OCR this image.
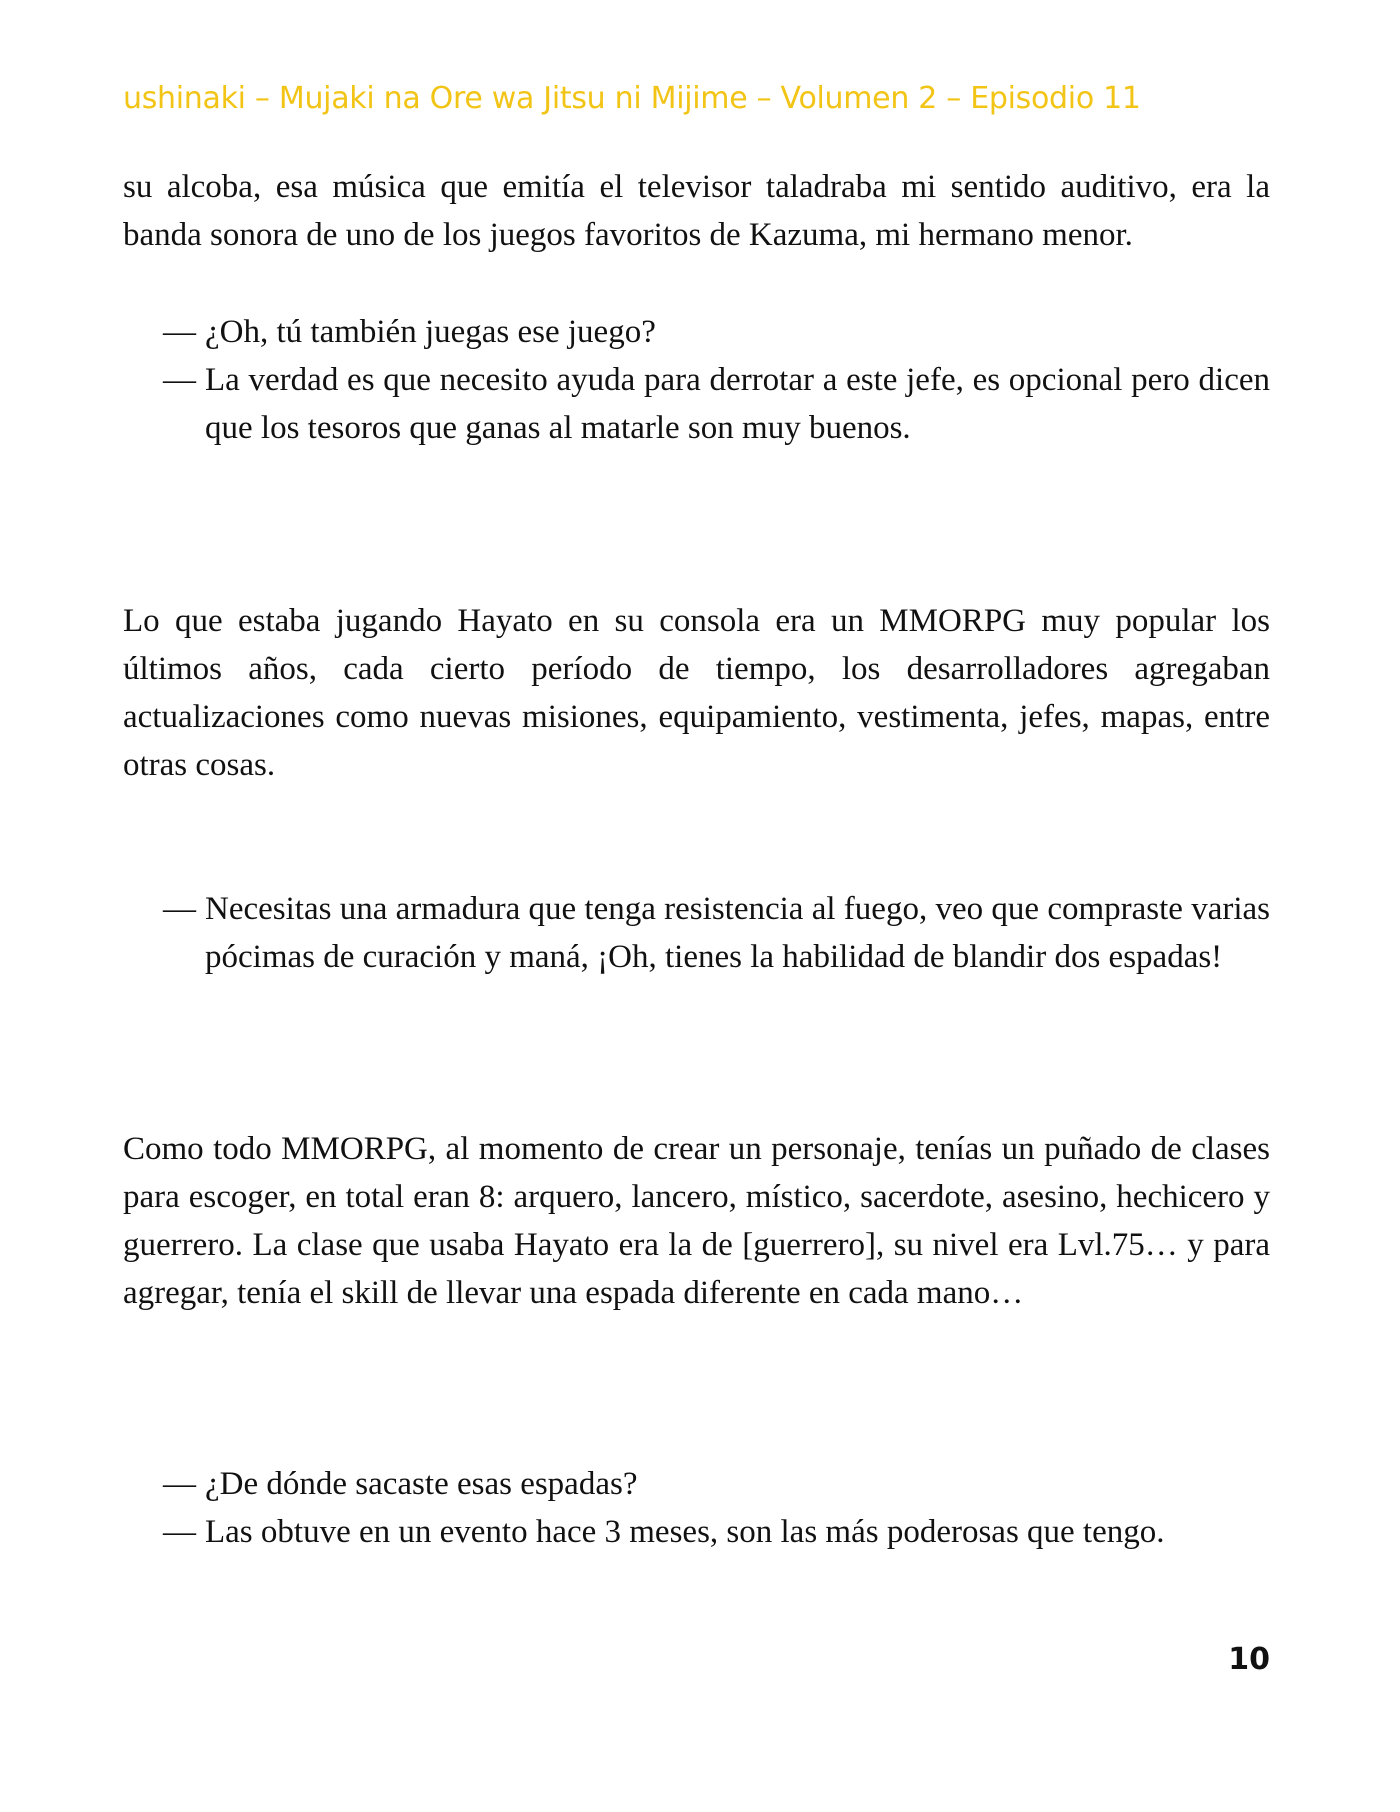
ushinaki – Mujaki na Ore wa Jitsu ni Mijime – Volumen 2 – Episodio 11

su alcoba, esa música que emitía el televisor taladraba mi sentido auditivo, era la banda sonora de uno de los juegos favoritos de Kazuma, mi hermano menor.

— ¿Oh, tú también juegas ese juego?
— La verdad es que necesito ayuda para derrotar a este jefe, es opcional pero dicen que los tesoros que ganas al matarle son muy buenos.

Lo que estaba jugando Hayato en su consola era un MMORPG muy popular los últimos años, cada cierto período de tiempo, los desarrolladores agregaban actualizaciones como nuevas misiones, equipamiento, vestimenta, jefes, mapas, entre otras cosas.

— Necesitas una armadura que tenga resistencia al fuego, veo que compraste varias pócimas de curación y maná, ¡Oh, tienes la habilidad de blandir dos espadas!

Como todo MMORPG, al momento de crear un personaje, tenías un puñado de clases para escoger, en total eran 8: arquero, lancero, místico, sacerdote, asesino, hechicero y guerrero. La clase que usaba Hayato era la de [guerrero], su nivel era Lvl.75… y para agregar, tenía el skill de llevar una espada diferente en cada mano…

— ¿De dónde sacaste esas espadas?
— Las obtuve en un evento hace 3 meses, son las más poderosas que tengo.
10
